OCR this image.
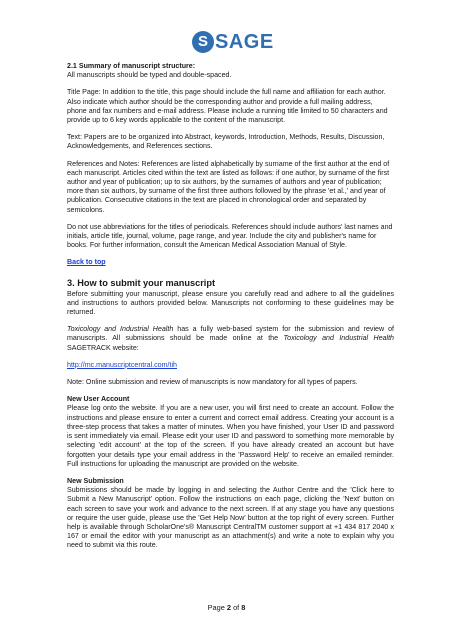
S SAGE
2.1 Summary of manuscript structure:

All manuscripts should be typed and double-spaced.

Title Page: In addition to the title, this page should include the full name and affiliation for each author. Also indicate which author should be the corresponding author and provide a full mailing address, phone and fax numbers and e-mail address. Please include a running title limited to 50 characters and provide up to 6 key words applicable to the content of the manuscript.

Text: Papers are to be organized into Abstract, keywords, Introduction, Methods, Results, Discussion, Acknowledgements, and References sections.

References and Notes: References are listed alphabetically by surname of the first author at the end of each manuscript. Articles cited within the text are listed as follows: if one author, by surname of the first author and year of publication; up to six authors, by the surnames of authors and year of publication; more than six authors, by surname of the first three authors followed by the phrase 'et al.,' and year of publication. Consecutive citations in the text are placed in chronological order and separated by semicolons.

Do not use abbreviations for the titles of periodicals. References should include authors' last names and initials, article title, journal, volume, page range, and year. Include the city and publisher's name for books. For further information, consult the American Medical Association Manual of Style.

Back to top

3. How to submit your manuscript

Before submitting your manuscript, please ensure you carefully read and adhere to all the guidelines and instructions to authors provided below. Manuscripts not conforming to these guidelines may be returned.

Toxicology and Industrial Health has a fully web-based system for the submission and review of manuscripts. All submissions should be made online at the Toxicology and Industrial Health SAGETRACK website:

http://mc.manuscriptcentral.com/tih

Note: Online submission and review of manuscripts is now mandatory for all types of papers.

New User Account

Please log onto the website. If you are a new user, you will first need to create an account. Follow the instructions and please ensure to enter a current and correct email address. Creating your account is a three-step process that takes a matter of minutes. When you have finished, your User ID and password is sent immediately via email. Please edit your user ID and password to something more memorable by selecting 'edit account' at the top of the screen. If you have already created an account but have forgotten your details type your email address in the 'Password Help' to receive an emailed reminder. Full instructions for uploading the manuscript are provided on the website.

New Submission

Submissions should be made by logging in and selecting the Author Centre and the 'Click here to Submit a New Manuscript' option. Follow the instructions on each page, clicking the 'Next' button on each screen to save your work and advance to the next screen. If at any stage you have any questions or require the user guide, please use the 'Get Help Now' button at the top right of every screen. Further help is available through ScholarOne's® Manuscript CentralTM customer support at +1 434 817 2040 x 167 or email the editor with your manuscript as an attachment(s) and write a note to explain why you need to submit via this route.

Page 2 of 8
